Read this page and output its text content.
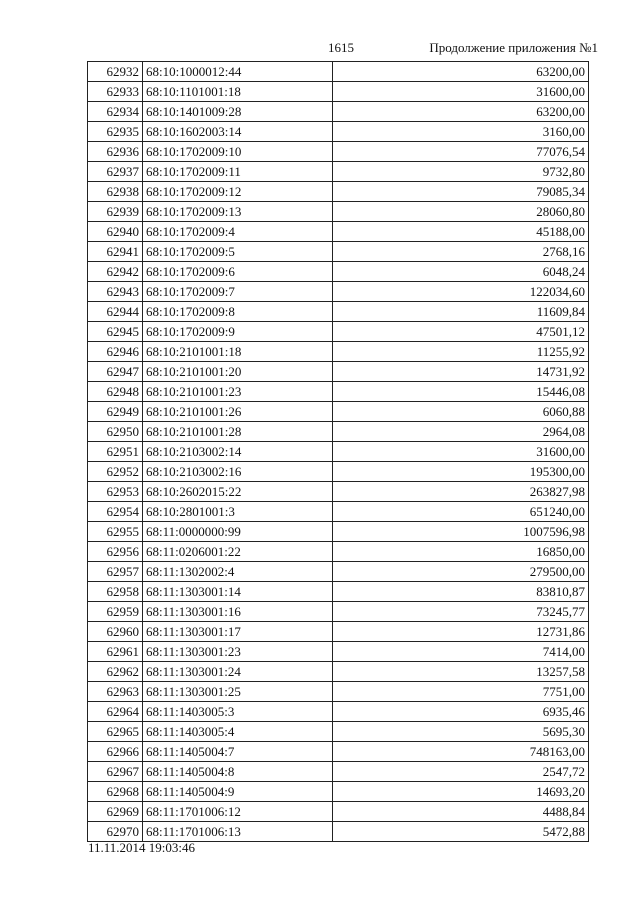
1615	Продолжение приложения №1
62932	68:10:1000012:44	63200,00
62933	68:10:1101001:18	31600,00
62934	68:10:1401009:28	63200,00
62935	68:10:1602003:14	3160,00
62936	68:10:1702009:10	77076,54
62937	68:10:1702009:11	9732,80
62938	68:10:1702009:12	79085,34
62939	68:10:1702009:13	28060,80
62940	68:10:1702009:4	45188,00
62941	68:10:1702009:5	2768,16
62942	68:10:1702009:6	6048,24
62943	68:10:1702009:7	122034,60
62944	68:10:1702009:8	11609,84
62945	68:10:1702009:9	47501,12
62946	68:10:2101001:18	11255,92
62947	68:10:2101001:20	14731,92
62948	68:10:2101001:23	15446,08
62949	68:10:2101001:26	6060,88
62950	68:10:2101001:28	2964,08
62951	68:10:2103002:14	31600,00
62952	68:10:2103002:16	195300,00
62953	68:10:2602015:22	263827,98
62954	68:10:2801001:3	651240,00
62955	68:11:0000000:99	1007596,98
62956	68:11:0206001:22	16850,00
62957	68:11:1302002:4	279500,00
62958	68:11:1303001:14	83810,87
62959	68:11:1303001:16	73245,77
62960	68:11:1303001:17	12731,86
62961	68:11:1303001:23	7414,00
62962	68:11:1303001:24	13257,58
62963	68:11:1303001:25	7751,00
62964	68:11:1403005:3	6935,46
62965	68:11:1403005:4	5695,30
62966	68:11:1405004:7	748163,00
62967	68:11:1405004:8	2547,72
62968	68:11:1405004:9	14693,20
62969	68:11:1701006:12	4488,84
62970	68:11:1701006:13	5472,88
11.11.2014 19:03:46
